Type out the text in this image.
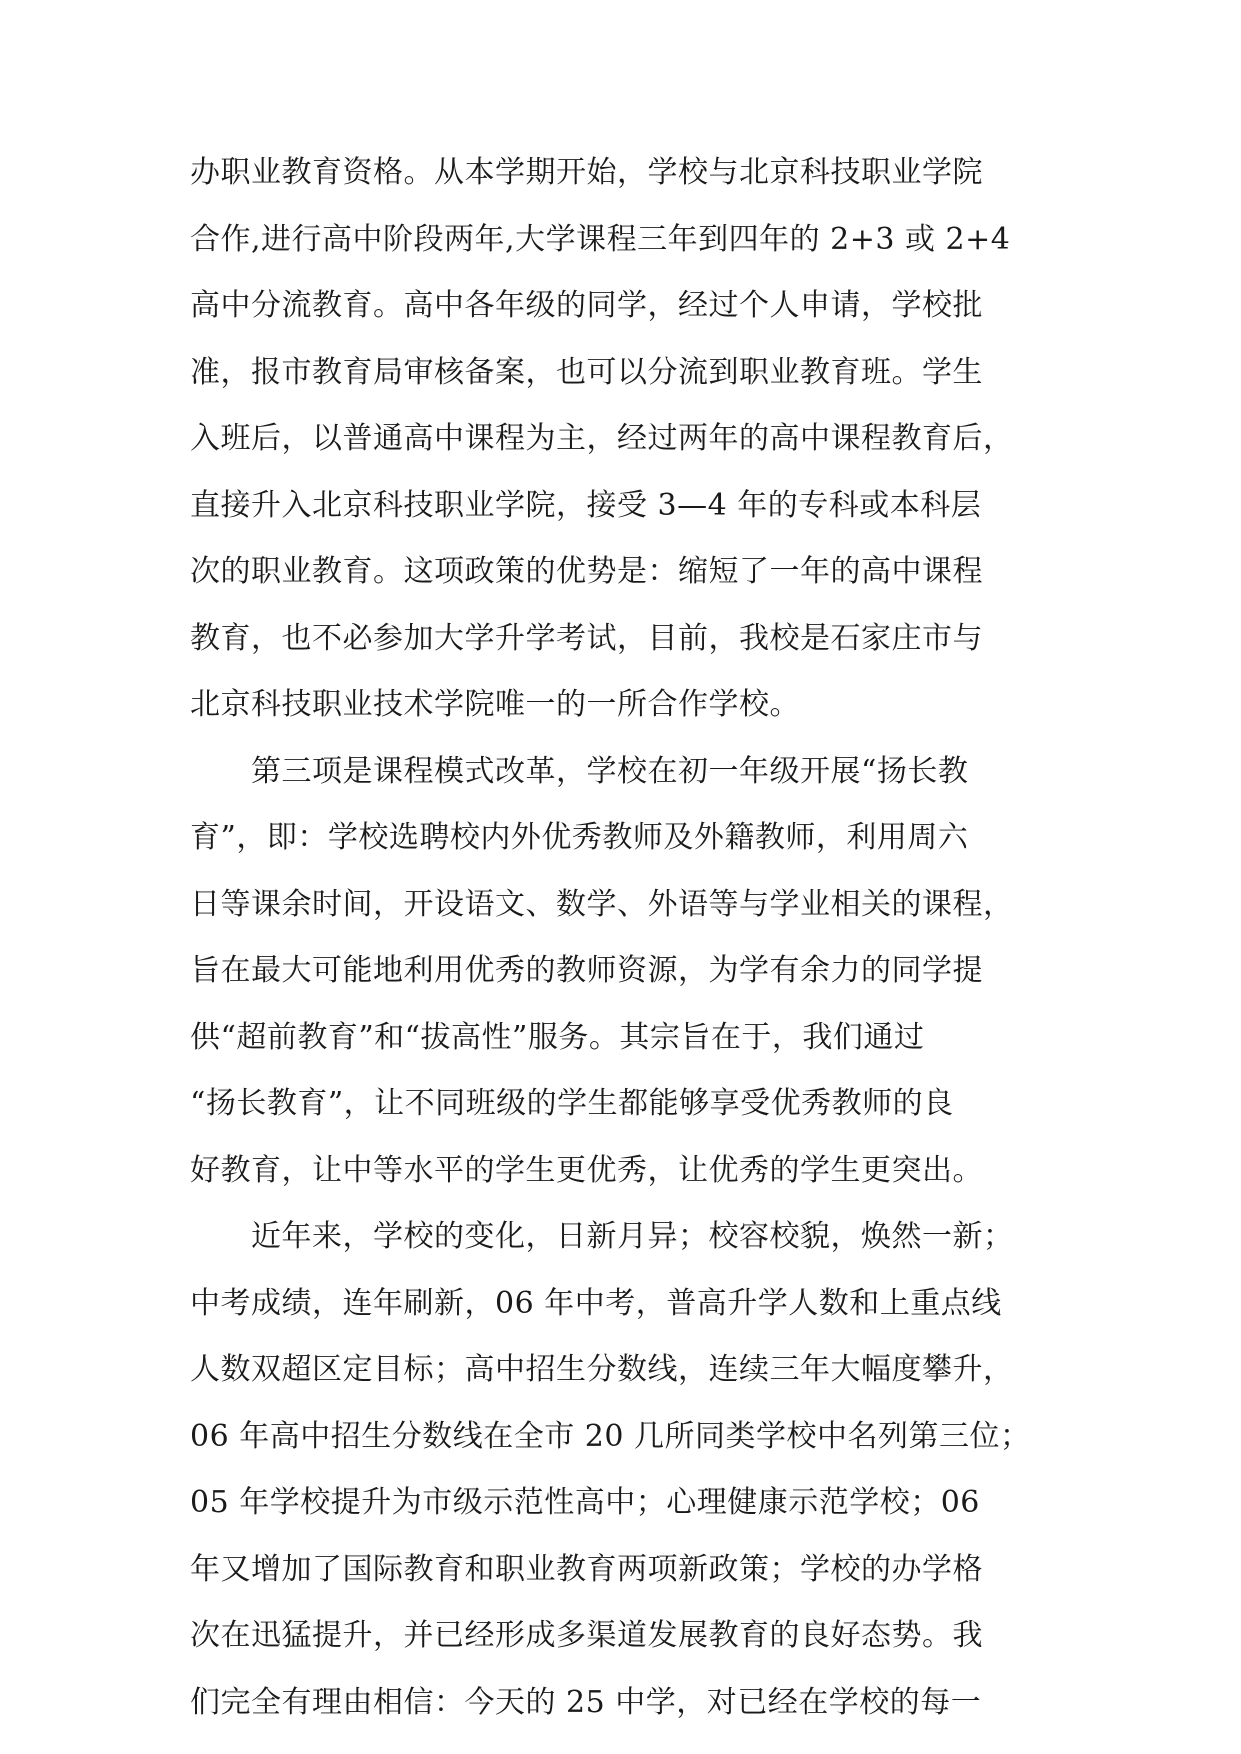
办职业教育资格。从本学期开始，学校与北京科技职业学院
合作,进行高中阶段两年,大学课程三年到四年的 2+3 或 2+4
高中分流教育。高中各年级的同学，经过个人申请，学校批
准，报市教育局审核备案，也可以分流到职业教育班。学生
入班后，以普通高中课程为主，经过两年的高中课程教育后，
直接升入北京科技职业学院，接受 3—4 年的专科或本科层
次的职业教育。这项政策的优势是：缩短了一年的高中课程
教育，也不必参加大学升学考试，目前，我校是石家庄市与
北京科技职业技术学院唯一的一所合作学校。
　　第三项是课程模式改革，学校在初一年级开展“扬长教
育”，即：学校选聘校内外优秀教师及外籍教师，利用周六
日等课余时间，开设语文、数学、外语等与学业相关的课程，
旨在最大可能地利用优秀的教师资源，为学有余力的同学提
供“超前教育”和“拔高性”服务。其宗旨在于，我们通过
“扬长教育”，让不同班级的学生都能够享受优秀教师的良
好教育，让中等水平的学生更优秀，让优秀的学生更突出。
　　近年来，学校的变化，日新月异；校容校貌，焕然一新；
中考成绩，连年刷新，06 年中考，普高升学人数和上重点线
人数双超区定目标；高中招生分数线，连续三年大幅度攀升，
06 年高中招生分数线在全市 20 几所同类学校中名列第三位；
05 年学校提升为市级示范性高中；心理健康示范学校；06
年又增加了国际教育和职业教育两项新政策；学校的办学格
次在迅猛提升，并已经形成多渠道发展教育的良好态势。我
们完全有理由相信：今天的 25 中学，对已经在学校的每一
